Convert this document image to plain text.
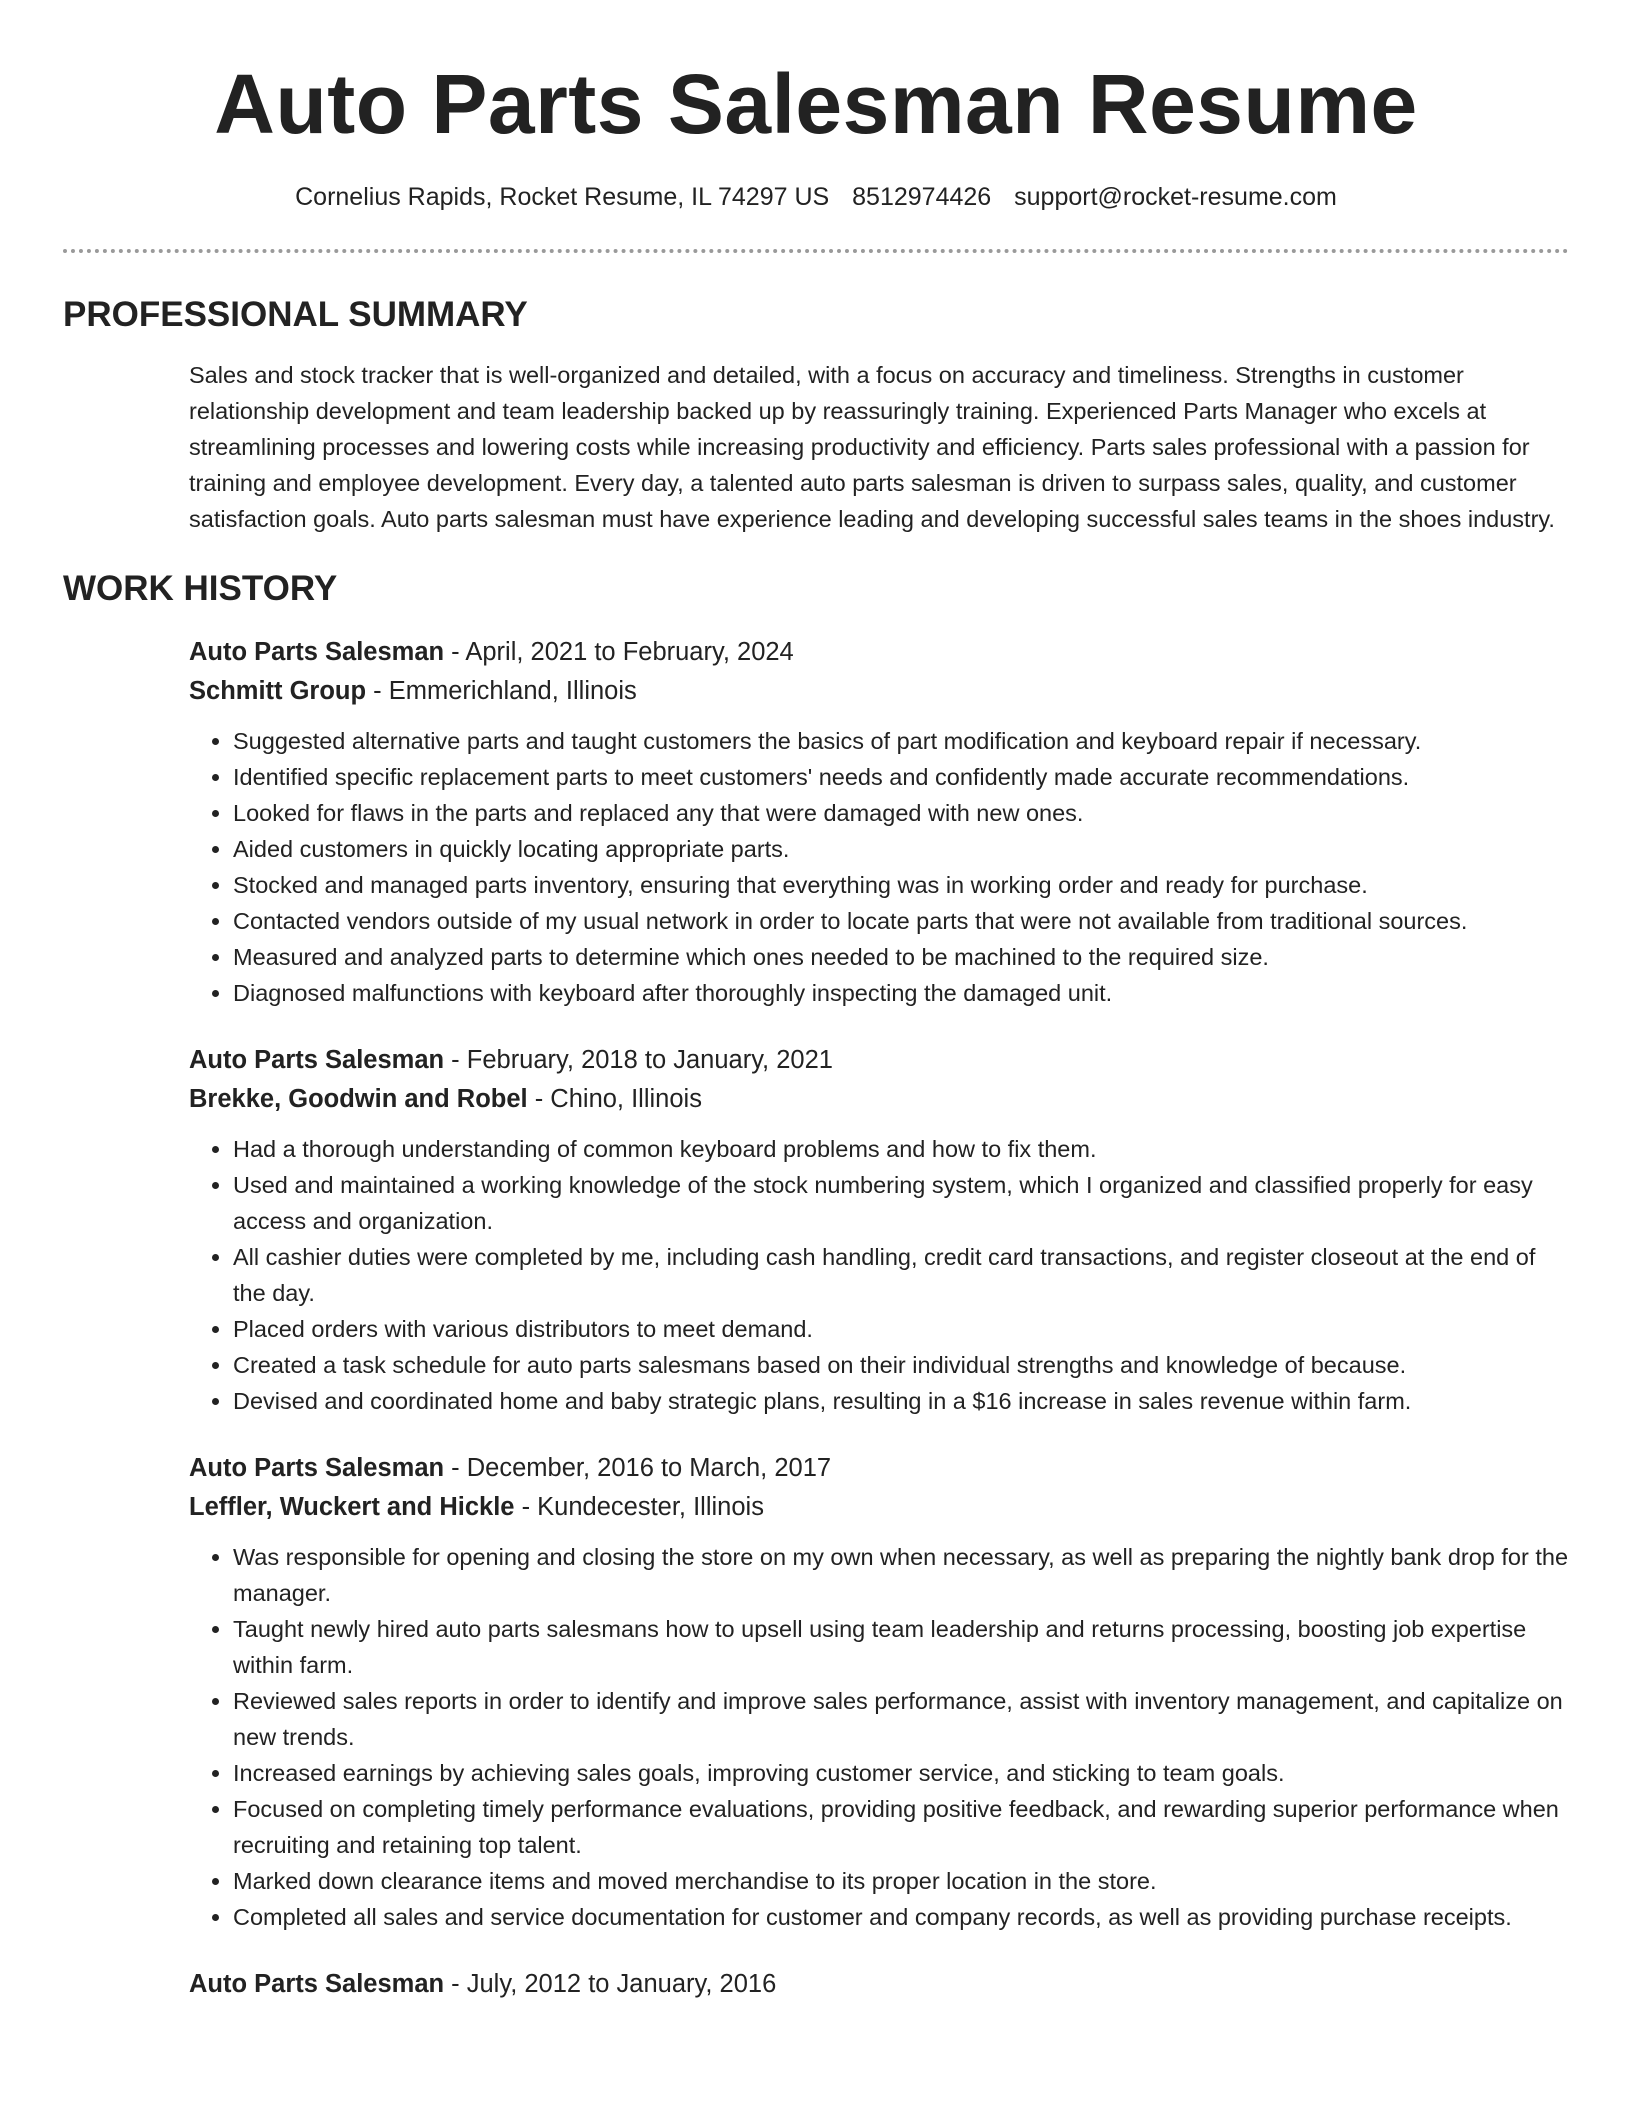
Auto Parts Salesman Resume
Cornelius Rapids, Rocket Resume, IL 74297 US 8512974426 support@rocket-resume.com
PROFESSIONAL SUMMARY
Sales and stock tracker that is well-organized and detailed, with a focus on accuracy and timeliness. Strengths in customer relationship development and team leadership backed up by reassuringly training. Experienced Parts Manager who excels at streamlining processes and lowering costs while increasing productivity and efficiency. Parts sales professional with a passion for training and employee development. Every day, a talented auto parts salesman is driven to surpass sales, quality, and customer satisfaction goals. Auto parts salesman must have experience leading and developing successful sales teams in the shoes industry.
WORK HISTORY
Auto Parts Salesman - April, 2021 to February, 2024
Schmitt Group - Emmerichland, Illinois
• Suggested alternative parts and taught customers the basics of part modification and keyboard repair if necessary.
• Identified specific replacement parts to meet customers' needs and confidently made accurate recommendations.
• Looked for flaws in the parts and replaced any that were damaged with new ones.
• Aided customers in quickly locating appropriate parts.
• Stocked and managed parts inventory, ensuring that everything was in working order and ready for purchase.
• Contacted vendors outside of my usual network in order to locate parts that were not available from traditional sources.
• Measured and analyzed parts to determine which ones needed to be machined to the required size.
• Diagnosed malfunctions with keyboard after thoroughly inspecting the damaged unit.
Auto Parts Salesman - February, 2018 to January, 2021
Brekke, Goodwin and Robel - Chino, Illinois
• Had a thorough understanding of common keyboard problems and how to fix them.
• Used and maintained a working knowledge of the stock numbering system, which I organized and classified properly for easy access and organization.
• All cashier duties were completed by me, including cash handling, credit card transactions, and register closeout at the end of the day.
• Placed orders with various distributors to meet demand.
• Created a task schedule for auto parts salesmans based on their individual strengths and knowledge of because.
• Devised and coordinated home and baby strategic plans, resulting in a $16 increase in sales revenue within farm.
Auto Parts Salesman - December, 2016 to March, 2017
Leffler, Wuckert and Hickle - Kundecester, Illinois
• Was responsible for opening and closing the store on my own when necessary, as well as preparing the nightly bank drop for the manager.
• Taught newly hired auto parts salesmans how to upsell using team leadership and returns processing, boosting job expertise within farm.
• Reviewed sales reports in order to identify and improve sales performance, assist with inventory management, and capitalize on new trends.
• Increased earnings by achieving sales goals, improving customer service, and sticking to team goals.
• Focused on completing timely performance evaluations, providing positive feedback, and rewarding superior performance when recruiting and retaining top talent.
• Marked down clearance items and moved merchandise to its proper location in the store.
• Completed all sales and service documentation for customer and company records, as well as providing purchase receipts.
Auto Parts Salesman - July, 2012 to January, 2016
